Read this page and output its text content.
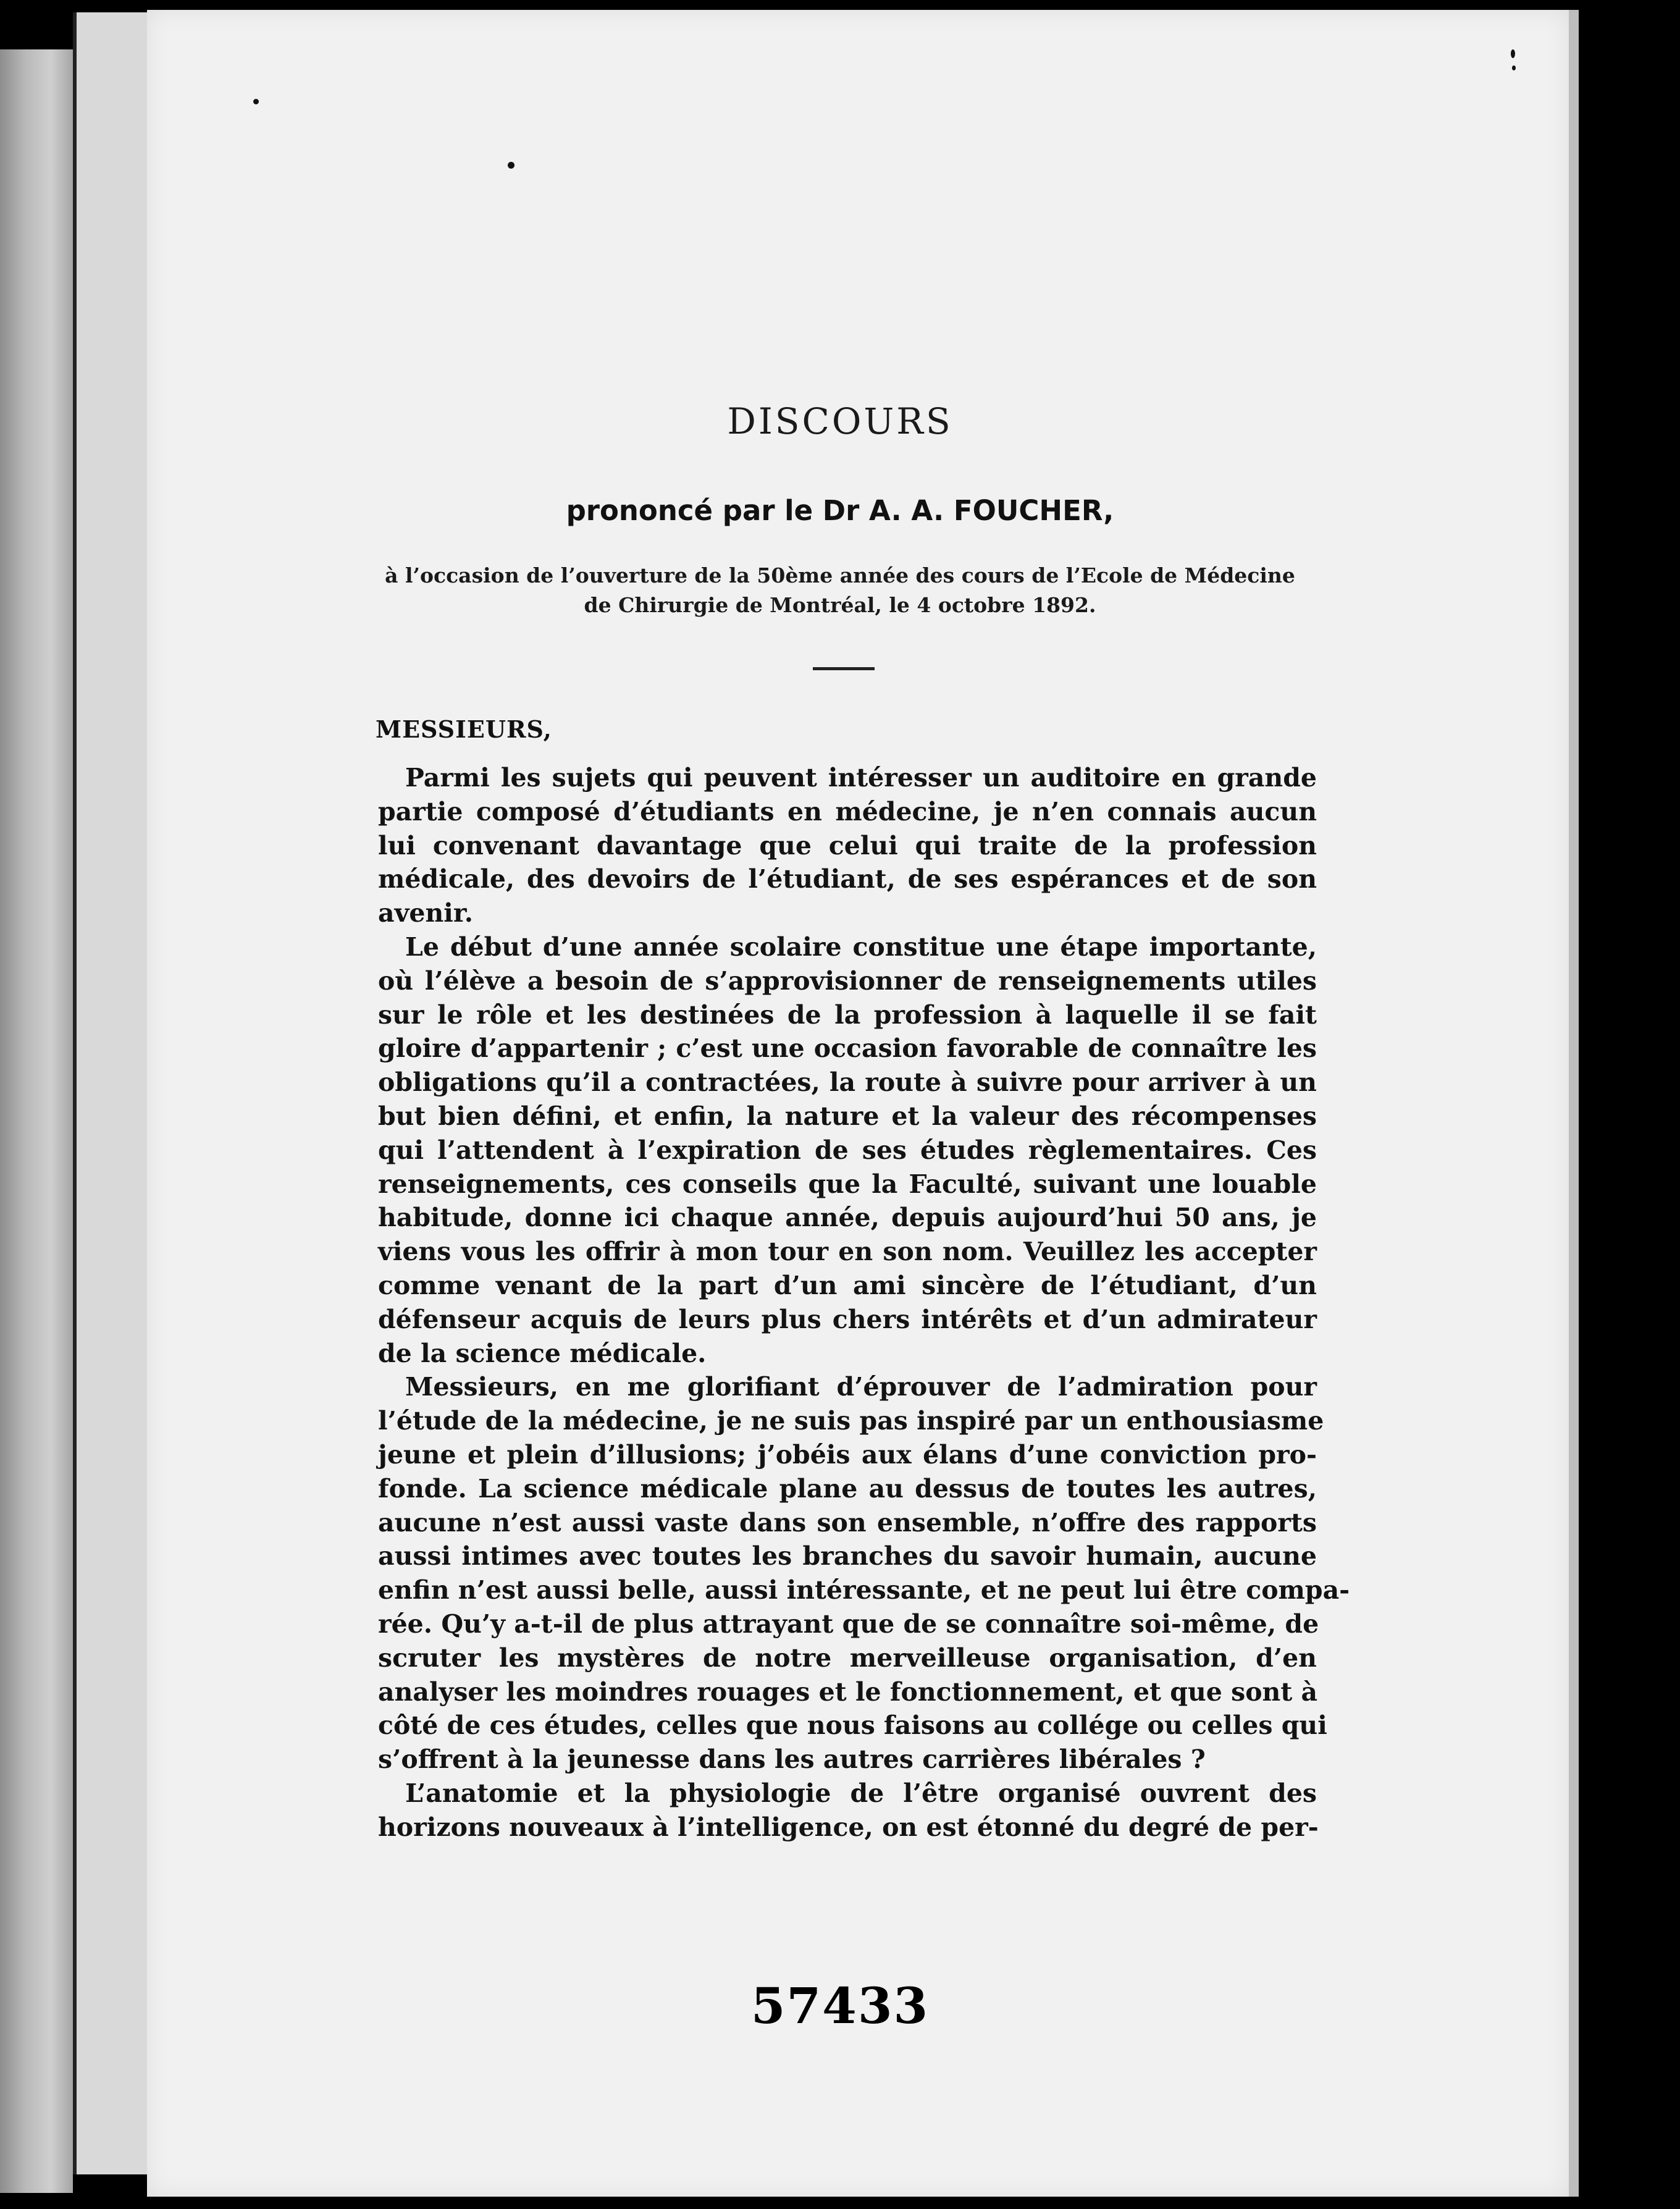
DISCOURS
prononcé par le Dr A. A. FOUCHER,
à l’occasion de l’ouverture de la 50ème année des cours de l’Ecole de Médecine
de Chirurgie de Montréal, le 4 octobre 1892.
MESSIEURS,
Parmi les sujets qui peuvent intéresser un auditoire en grande
partie composé d’étudiants en médecine, je n’en connais aucun
lui convenant davantage que celui qui traite de la profession
médicale, des devoirs de l’étudiant, de ses espérances et de son
avenir.
Le début d’une année scolaire constitue une étape importante,
où l’élève a besoin de s’approvisionner de renseignements utiles
sur le rôle et les destinées de la profession à laquelle il se fait
gloire d’appartenir ; c’est une occasion favorable de connaître les
obligations qu’il a contractées, la route à suivre pour arriver à un
but bien défini, et enfin, la nature et la valeur des récompenses
qui l’attendent à l’expiration de ses études règlementaires. Ces
renseignements, ces conseils que la Faculté, suivant une louable
habitude, donne ici chaque année, depuis aujourd’hui 50 ans, je
viens vous les offrir à mon tour en son nom. Veuillez les accepter
comme venant de la part d’un ami sincère de l’étudiant, d’un
défenseur acquis de leurs plus chers intérêts et d’un admirateur
de la science médicale.
Messieurs, en me glorifiant d’éprouver de l’admiration pour
l’étude de la médecine, je ne suis pas inspiré par un enthousiasme
jeune et plein d’illusions; j’obéis aux élans d’une conviction pro-
fonde. La science médicale plane au dessus de toutes les autres,
aucune n’est aussi vaste dans son ensemble, n’offre des rapports
aussi intimes avec toutes les branches du savoir humain, aucune
enfin n’est aussi belle, aussi intéressante, et ne peut lui être compa-
rée. Qu’y a-t-il de plus attrayant que de se connaître soi-même, de
scruter les mystères de notre merveilleuse organisation, d’en
analyser les moindres rouages et le fonctionnement, et que sont à
côté de ces études, celles que nous faisons au collége ou celles qui
s’offrent à la jeunesse dans les autres carrières libérales ?
L’anatomie et la physiologie de l’être organisé ouvrent des
horizons nouveaux à l’intelligence, on est étonné du degré de per-
57433
